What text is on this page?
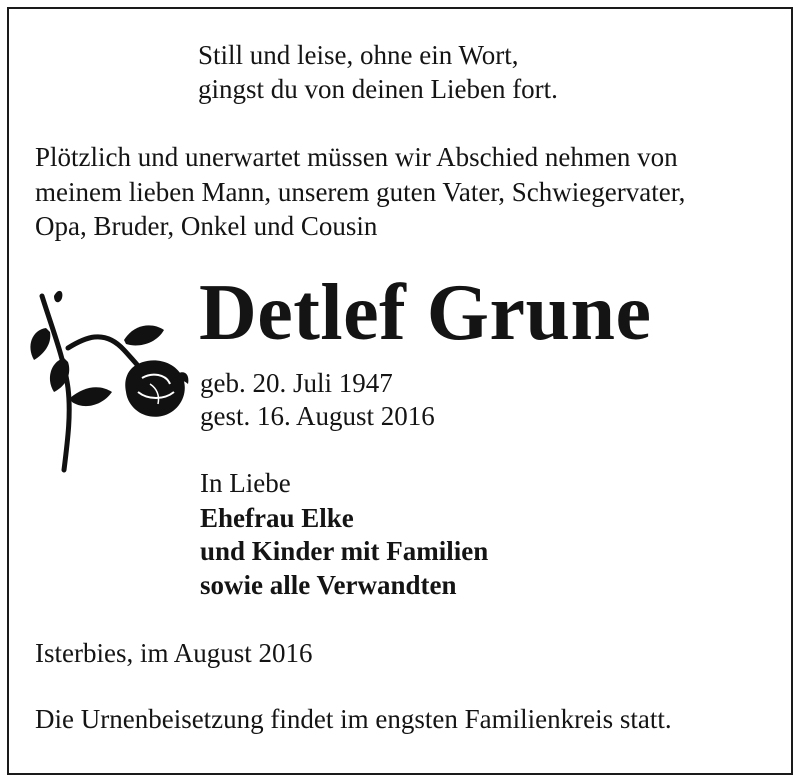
Still und leise, ohne ein Wort,
gingst du von deinen Lieben fort.
Plötzlich und unerwartet müssen wir Abschied nehmen von
meinem lieben Mann, unserem guten Vater, Schwiegervater,
Opa, Bruder, Onkel und Cousin
Detlef Grune
geb. 20. Juli 1947
gest. 16. August 2016
In Liebe
Ehefrau Elke
und Kinder mit Familien
sowie alle Verwandten
Isterbies, im August 2016
Die Urnenbeisetzung findet im engsten Familienkreis statt.
